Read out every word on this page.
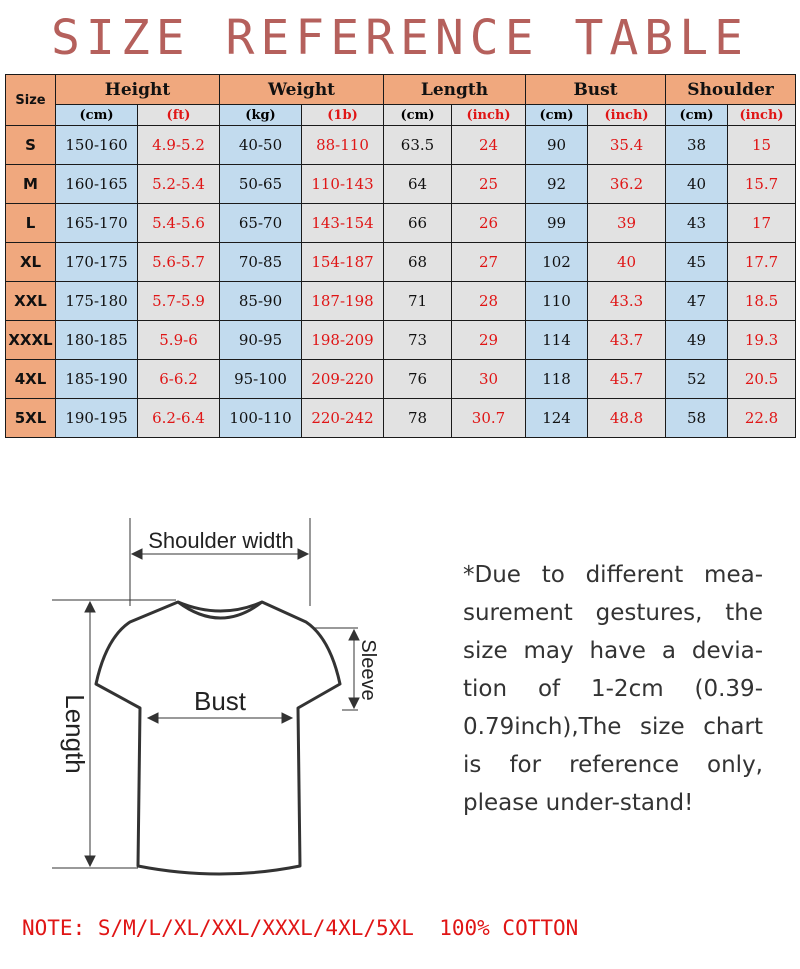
SIZE REFERENCE TABLE
Size	Height		Weight		Length		Bust		Shoulder	
	(cm)	(ft)	(kg)	(1b)	(cm)	(inch)	(cm)	(inch)	(cm)	(inch)
S	150-160	4.9-5.2	40-50	88-110	63.5	24	90	35.4	38	15
M	160-165	5.2-5.4	50-65	110-143	64	25	92	36.2	40	15.7
L	165-170	5.4-5.6	65-70	143-154	66	26	99	39	43	17
XL	170-175	5.6-5.7	70-85	154-187	68	27	102	40	45	17.7
XXL	175-180	5.7-5.9	85-90	187-198	71	28	110	43.3	47	18.5
XXXL	180-185	5.9-6	90-95	198-209	73	29	114	43.7	49	19.3
4XL	185-190	6-6.2	95-100	209-220	76	30	118	45.7	52	20.5
5XL	190-195	6.2-6.4	100-110	220-242	78	30.7	124	48.8	58	22.8
Shoulder width
Bust
Length
Sleeve
*Due to different mea-surement gestures, the size may have a devia-tion of 1-2cm (0.39-0.79inch),The size chart is for reference only, please under-stand!
NOTE: S/M/L/XL/XXL/XXXL/4XL/5XL  100% COTTON
